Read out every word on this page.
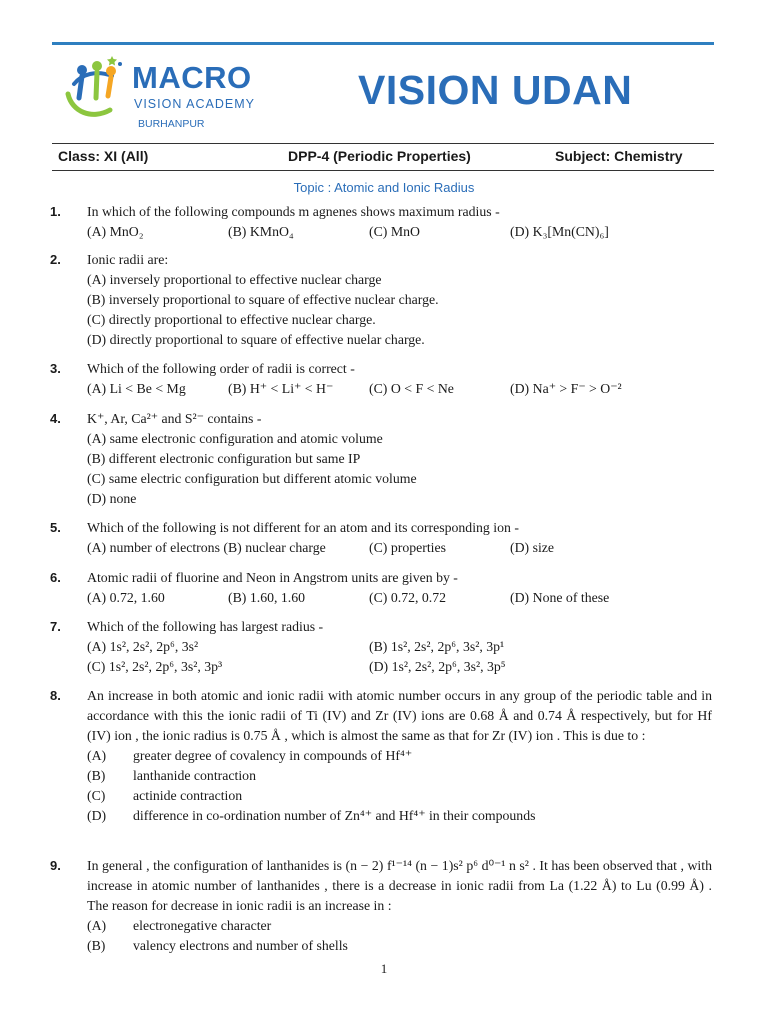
MACRO
VISION ACADEMY
BURHANPUR
VISION UDAN
Class: XI (All)	DPP-4 (Periodic Properties)	Subject: Chemistry
Topic : Atomic and Ionic Radius
1. In which of the following compounds m agnenes shows maximum radius -
(A) MnO₂	(B) KMnO₄	(C) MnO	(D) K₃[Mn(CN)₆]
2. Ionic radii are:
(A) inversely proportional to effective nuclear charge
(B) inversely proportional to square of effective nuclear charge.
(C) directly proportional to effective nuclear charge.
(D) directly proportional to square of effective nuelar charge.
3. Which of the following order of radii is correct -
(A) Li < Be < Mg	(B) H⁺ < Li⁺ < H⁻	(C) O < F < Ne	(D) Na⁺ > F⁻ > O⁻²
4. K⁺, Ar, Ca²⁺ and S²⁻ contains -
(A) same electronic configuration and atomic volume
(B) different electronic configuration but same IP
(C) same electric configuration but different atomic volume
(D) none
5. Which of the following is not different for an atom and its corresponding ion -
(A) number of electrons (B) nuclear charge	(C) properties	(D) size
6. Atomic radii of fluorine and Neon in Angstrom units are given by -
(A) 0.72, 1.60	(B) 1.60, 1.60	(C) 0.72, 0.72	(D) None of these
7. Which of the following has largest radius -
(A) 1s², 2s², 2p⁶, 3s²	(B) 1s², 2s², 2p⁶, 3s², 3p¹
(C) 1s², 2s², 2p⁶, 3s², 3p³	(D) 1s², 2s², 2p⁶, 3s², 3p⁵
8. An increase in both atomic and ionic radii with atomic number occurs in any group of the periodic table and in accordance with this the ionic radii of Ti (IV) and Zr (IV) ions are 0.68 Å and 0.74 Å respectively, but for Hf (IV) ion , the ionic radius is 0.75 Å , which is almost the same as that for Zr (IV) ion . This is due to :
(A) greater degree of covalency in compounds of Hf⁴⁺
(B) lanthanide contraction
(C) actinide contraction
(D) difference in co-ordination number of Zn⁴⁺ and Hf⁴⁺ in their compounds
9. In general , the configuration of lanthanides is (n − 2) f¹⁻¹⁴ (n − 1)s² p⁶ d⁰⁻¹ n s² . It has been observed that , with increase in atomic number of lanthanides , there is a decrease in ionic radii from La (1.22 Å) to Lu (0.99 Å) . The reason for decrease in ionic radii is an increase in :
(A) electronegative character
(B) valency electrons and number of shells
1
